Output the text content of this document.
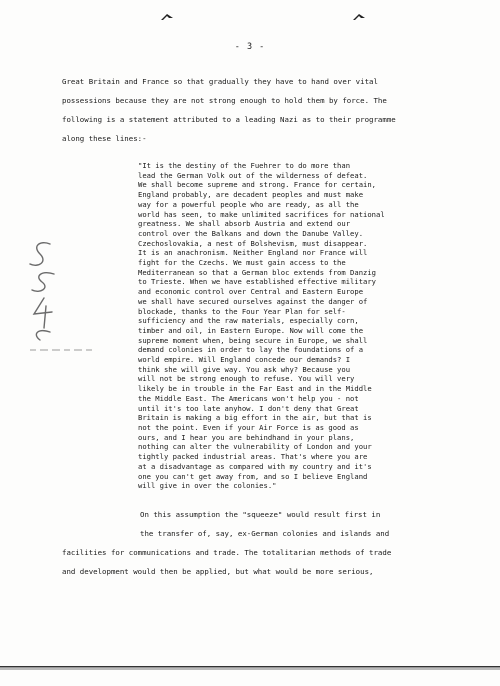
- 3 -
Great Britain and France so that gradually they have to hand over vital
possessions because they are not strong enough to hold them by force. The
following is a statement attributed to a leading Nazi as to their programme
along these lines:-
"It is the destiny of the Fuehrer to do more than
lead the German Volk out of the wilderness of defeat.
We shall become supreme and strong. France for certain,
England probably, are decadent peoples and must make
way for a powerful people who are ready, as all the
world has seen, to make unlimited sacrifices for national
greatness. We shall absorb Austria and extend our
control over the Balkans and down the Danube Valley.
Czechoslovakia, a nest of Bolshevism, must disappear.
It is an anachronism. Neither England nor France will
fight for the Czechs. We must gain access to the
Mediterranean so that a German bloc extends from Danzig
to Trieste. When we have established effective military
and economic control over Central and Eastern Europe
we shall have secured ourselves against the danger of
blockade, thanks to the Four Year Plan for self-
sufficiency and the raw materials, especially corn,
timber and oil, in Eastern Europe. Now will come the
supreme moment when, being secure in Europe, we shall
demand colonies in order to lay the foundations of a
world empire. Will England concede our demands? I
think she will give way. You ask why? Because you
will not be strong enough to refuse. You will very
likely be in trouble in the Far East and in the Middle
the Middle East. The Americans won't help you - not
until it's too late anyhow. I don't deny that Great
Britain is making a big effort in the air, but that is
not the point. Even if your Air Force is as good as
ours, and I hear you are behindhand in your plans,
nothing can alter the vulnerability of London and your
tightly packed industrial areas. That's where you are
at a disadvantage as compared with my country and it's
one you can't get away from, and so I believe England
will give in over the colonies."
On this assumption the "squeeze" would result first in
the transfer of, say, ex-German colonies and islands and
facilities for communications and trade. The totalitarian methods of trade
and development would then be applied, but what would be more serious,
